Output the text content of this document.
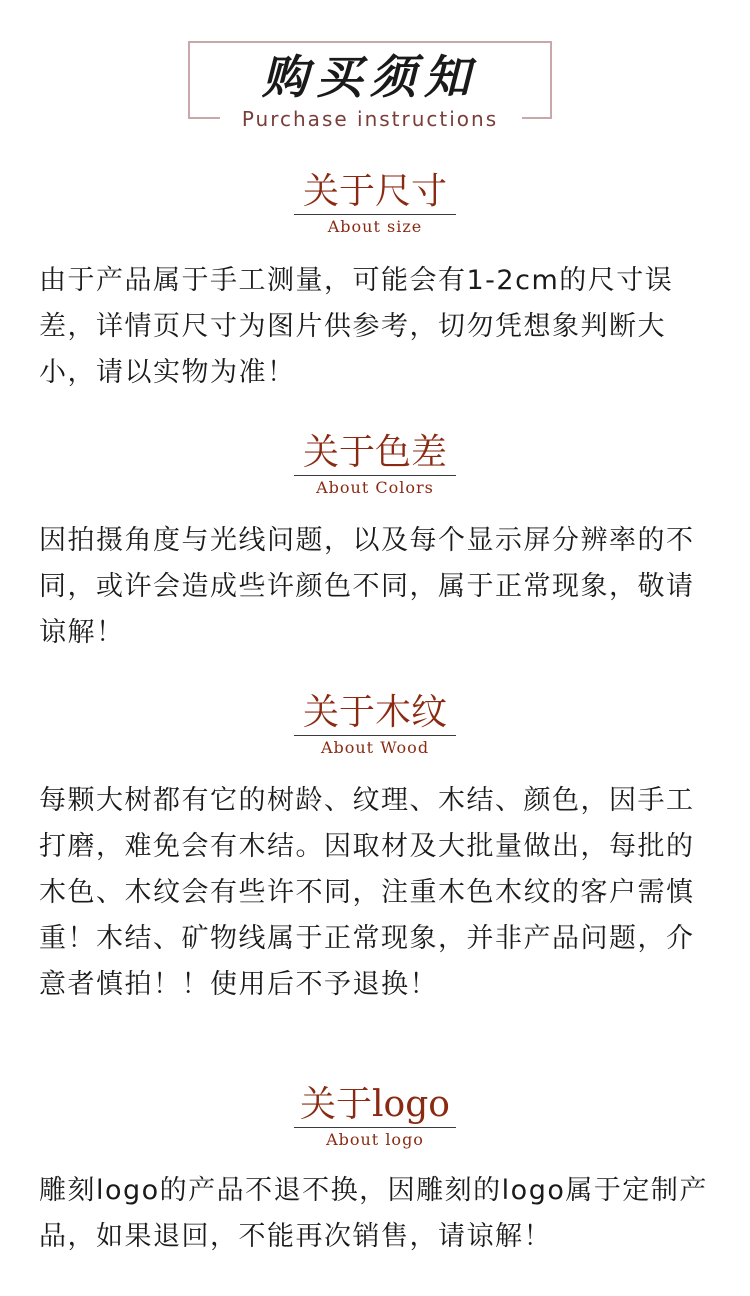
购买须知
Purchase instructions
关于尺寸
About size

由于产品属于手工测量，可能会有1-2cm的尺寸误差，详情页尺寸为图片供参考，切勿凭想象判断大小，请以实物为准！

关于色差
About Colors

因拍摄角度与光线问题，以及每个显示屏分辨率的不同，或许会造成些许颜色不同，属于正常现象，敬请谅解！

关于木纹
About Wood

每颗大树都有它的树龄、纹理、木结、颜色，因手工打磨，难免会有木结。因取材及大批量做出，每批的木色、木纹会有些许不同，注重木色木纹的客户需慎重！木结、矿物线属于正常现象，并非产品问题，介意者慎拍！！使用后不予退换！

关于logo
About logo

雕刻logo的产品不退不换，因雕刻的logo属于定制产品，如果退回，不能再次销售，请谅解！
